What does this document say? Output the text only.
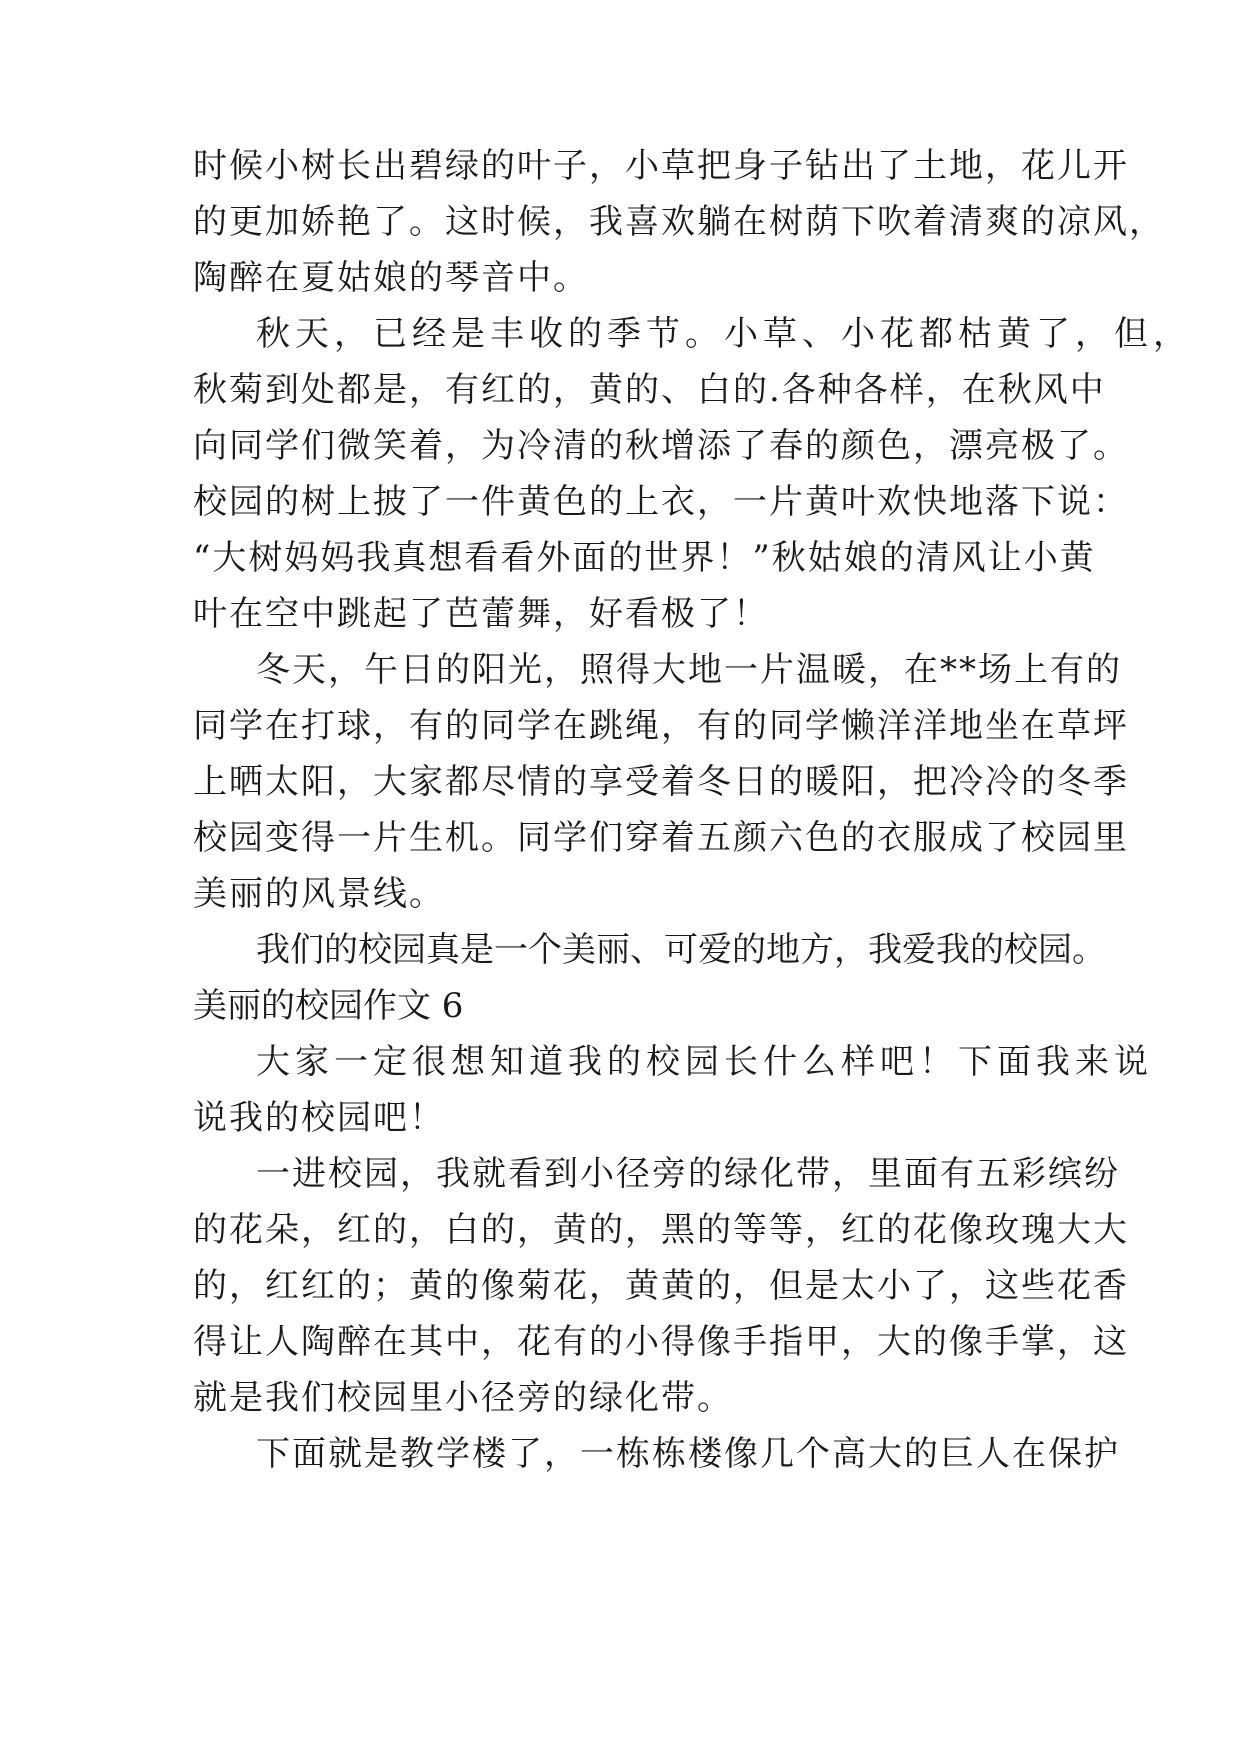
时候小树长出碧绿的叶子，小草把身子钻出了土地，花儿开
的更加娇艳了。这时候，我喜欢躺在树荫下吹着清爽的凉风，
陶醉在夏姑娘的琴音中。
秋天，已经是丰收的季节。小草、小花都枯黄了，但，
秋菊到处都是，有红的，黄的、白的.各种各样，在秋风中
向同学们微笑着，为冷清的秋增添了春的颜色，漂亮极了。
校园的树上披了一件黄色的上衣，一片黄叶欢快地落下说：
“大树妈妈我真想看看外面的世界！”秋姑娘的清风让小黄
叶在空中跳起了芭蕾舞，好看极了！
冬天，午日的阳光，照得大地一片温暖，在**场上有的
同学在打球，有的同学在跳绳，有的同学懒洋洋地坐在草坪
上晒太阳，大家都尽情的享受着冬日的暖阳，把冷冷的冬季
校园变得一片生机。同学们穿着五颜六色的衣服成了校园里
美丽的风景线。
我们的校园真是一个美丽、可爱的地方，我爱我的校园。
美丽的校园作文 6
大家一定很想知道我的校园长什么样吧！下面我来说
说我的校园吧！
一进校园，我就看到小径旁的绿化带，里面有五彩缤纷
的花朵，红的，白的，黄的，黑的等等，红的花像玫瑰大大
的，红红的；黄的像菊花，黄黄的，但是太小了，这些花香
得让人陶醉在其中，花有的小得像手指甲，大的像手掌，这
就是我们校园里小径旁的绿化带。
下面就是教学楼了，一栋栋楼像几个高大的巨人在保护
